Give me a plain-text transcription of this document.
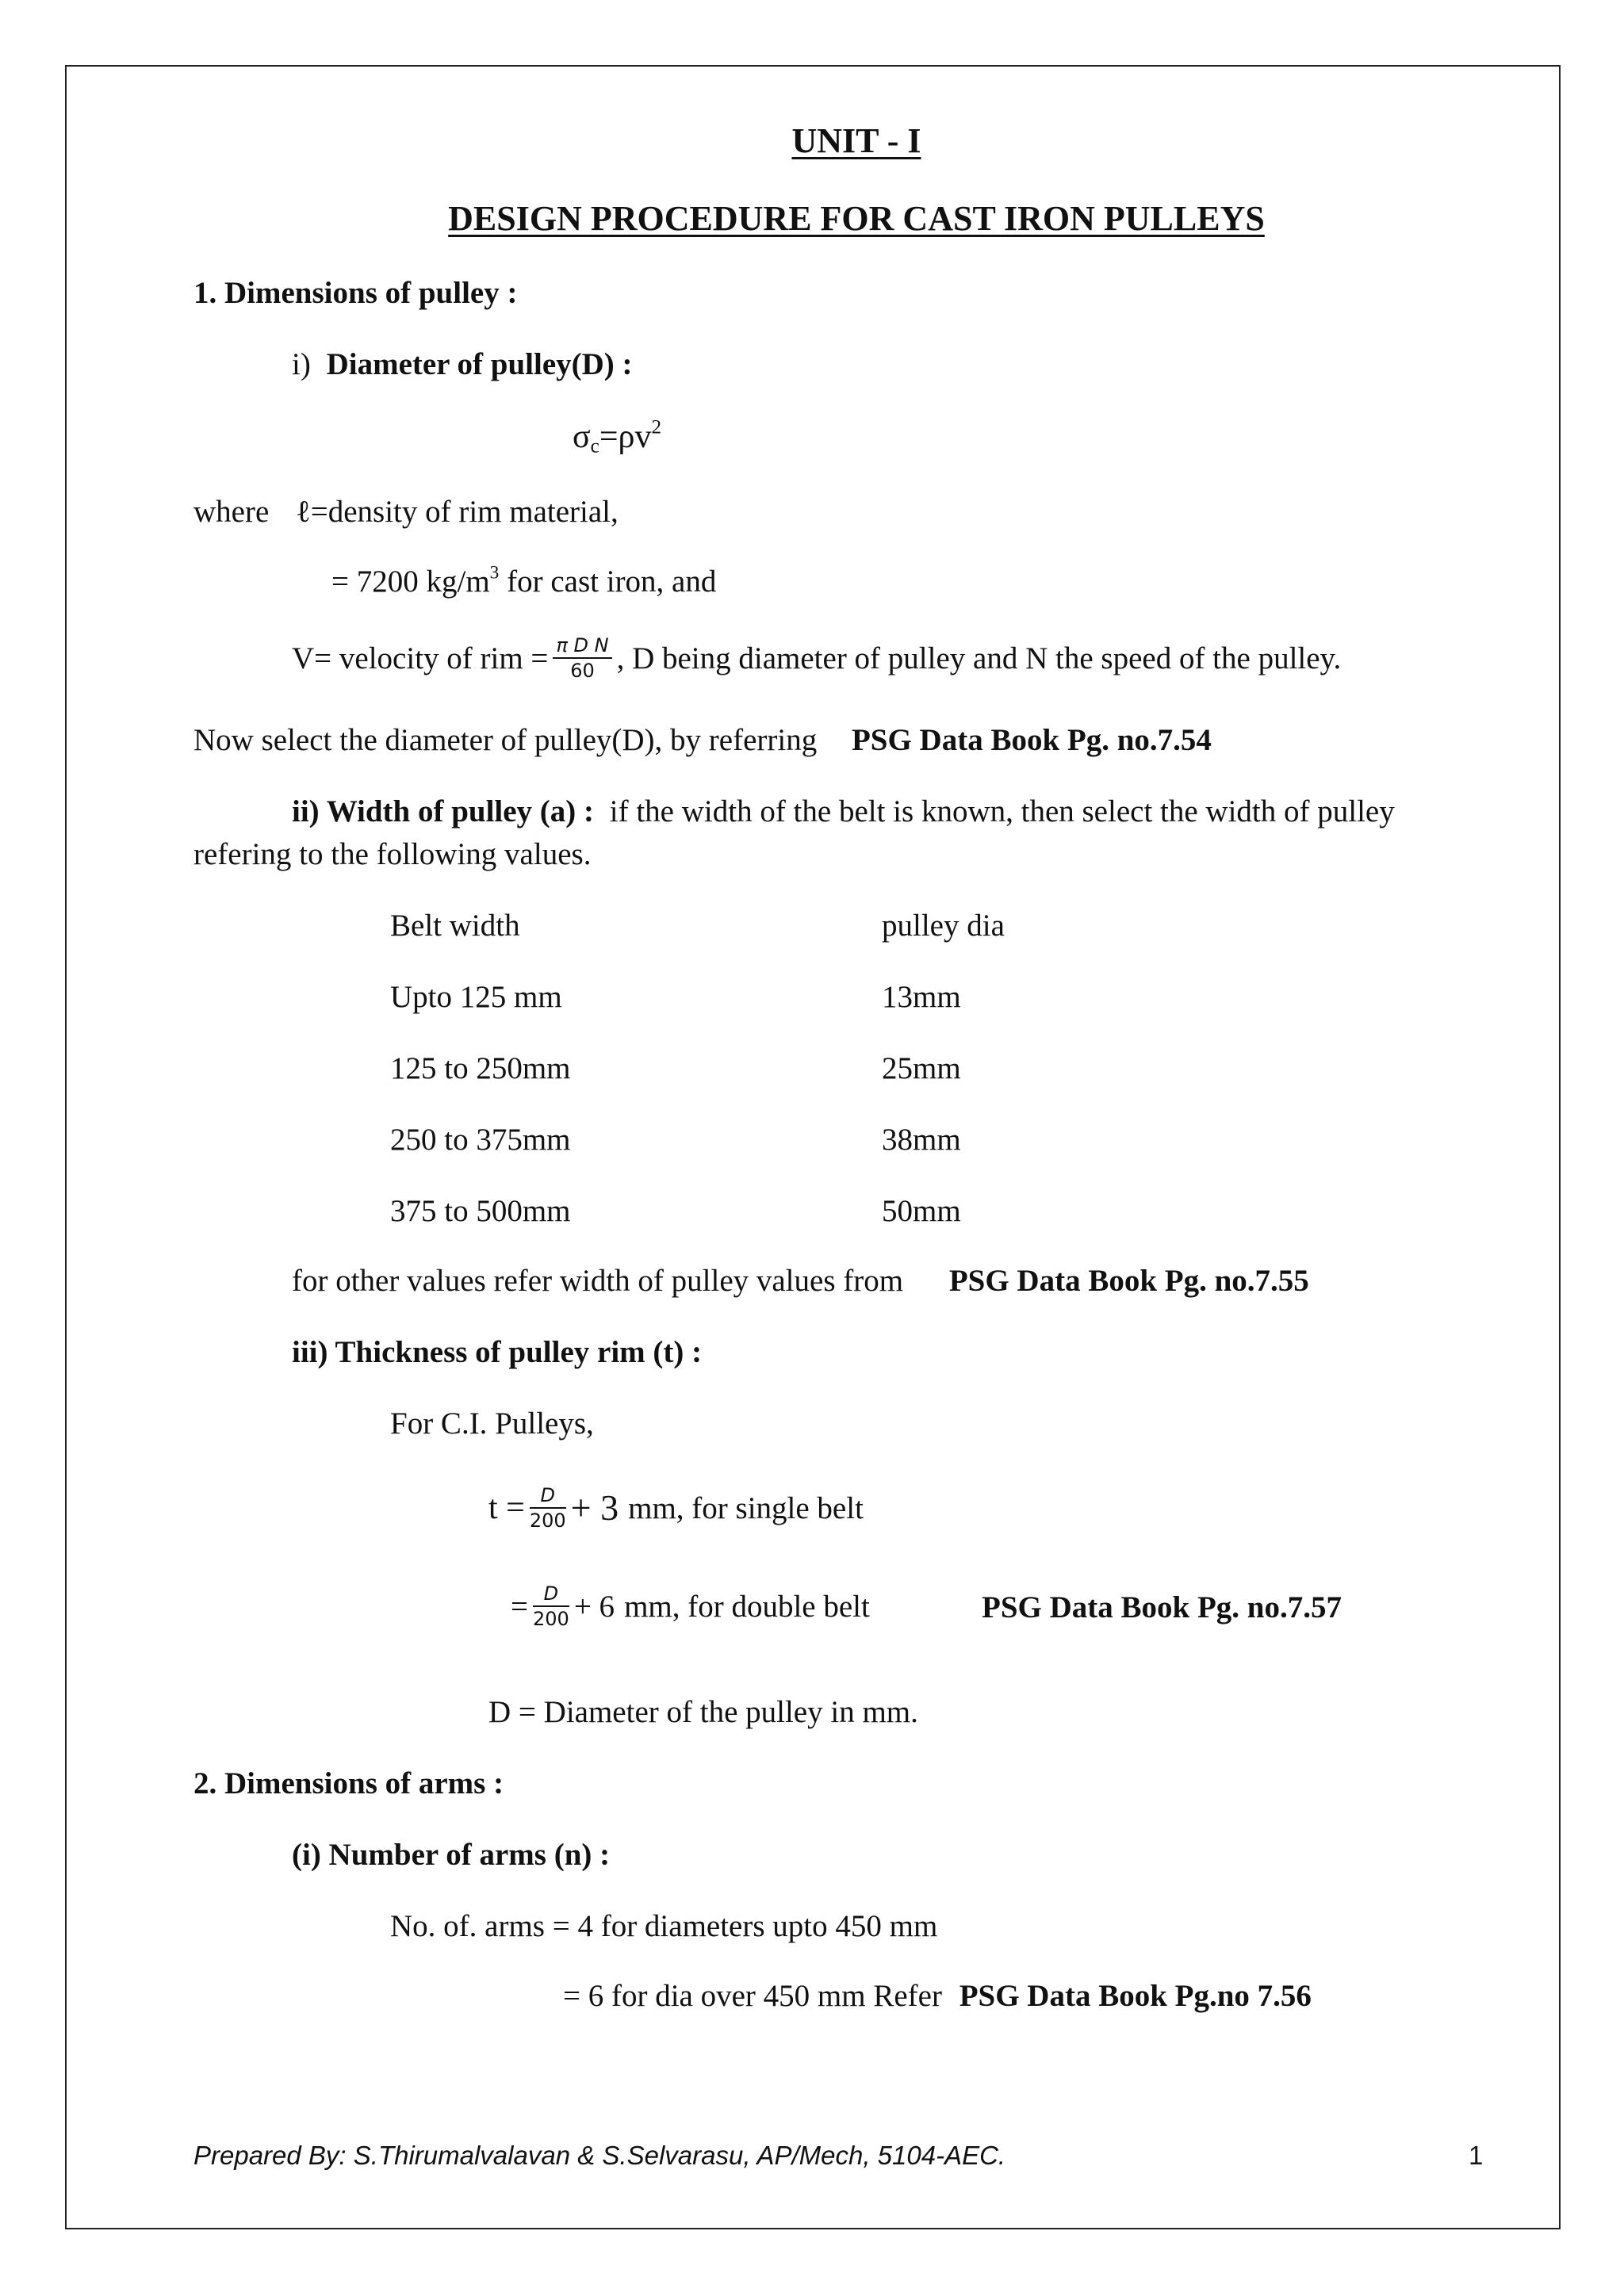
UNIT - I
DESIGN PROCEDURE FOR CAST IRON PULLEYS
1. Dimensions of pulley :
i) Diameter of pulley(D) :
$\sigma_c=\rho v^2$
where ℓ=density of rim material,
= 7200 $kg/m^3$ for cast iron, and
V= velocity of rim = $\frac{\text{π D N}}{60}$ , D being diameter of pulley and N the speed of the pulley.
Now select the diameter of pulley(D), by referring PSG Data Book Pg. no.7.54
ii) Width of pulley (a) : if the width of the belt is known, then select the width of pulley
refering to the following values.
Belt width	pulley dia
Upto 125 mm	13mm
125 to 250mm	25mm
250 to 375mm	38mm
375 to 500mm	50mm
for other values refer width of pulley values from PSG Data Book Pg. no.7.55
iii) Thickness of pulley rim (t) :
For C.I. Pulleys,
$t = \frac{D}{200} + 3$ mm, for single belt
= $\frac{D}{200} + 6$ mm, for double belt	PSG Data Book Pg. no.7.57
D = Diameter of the pulley in mm.
2. Dimensions of arms :
(i) Number of arms (n) :
No. of. arms = 4 for diameters upto 450 mm
= 6 for dia over 450 mm Refer PSG Data Book Pg.no 7.56
Prepared By: S.Thirumalvalavan & S.Selvarasu, AP/Mech, 5104-AEC.	1
